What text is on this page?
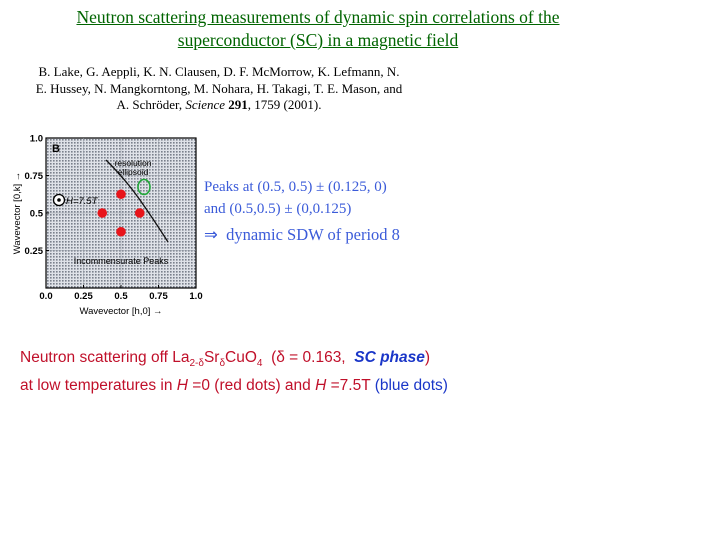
Neutron scattering measurements of dynamic spin correlations of the
superconductor (SC) in a magnetic field
B. Lake, G. Aeppli, K. N. Clausen, D. F. McMorrow, K. Lefmann, N.
E. Hussey, N. Mangkorntong, M. Nohara, H. Takagi, T. E. Mason, and
A. Schröder, Science 291, 1759 (2001).
0.0 0.25 0.5 0.75 1.0
0.25
0.5
0.75
1.0
B
resolution
ellipsoid
H=7.5T
Incommensurate Peaks
Wavevector [h,0] →
Wavevector [0,k] →	Peaks at (0.5, 0.5) ± (0.125, 0)
and (0.5,0.5) ± (0,0.125)
⇒ dynamic SDW of period 8
Neutron scattering off $La_{2-\delta}Sr_\delta CuO_4$  (δ = 0.163,  SC phase)
at low temperatures in H =0 (red dots) and H =7.5T (blue dots)
